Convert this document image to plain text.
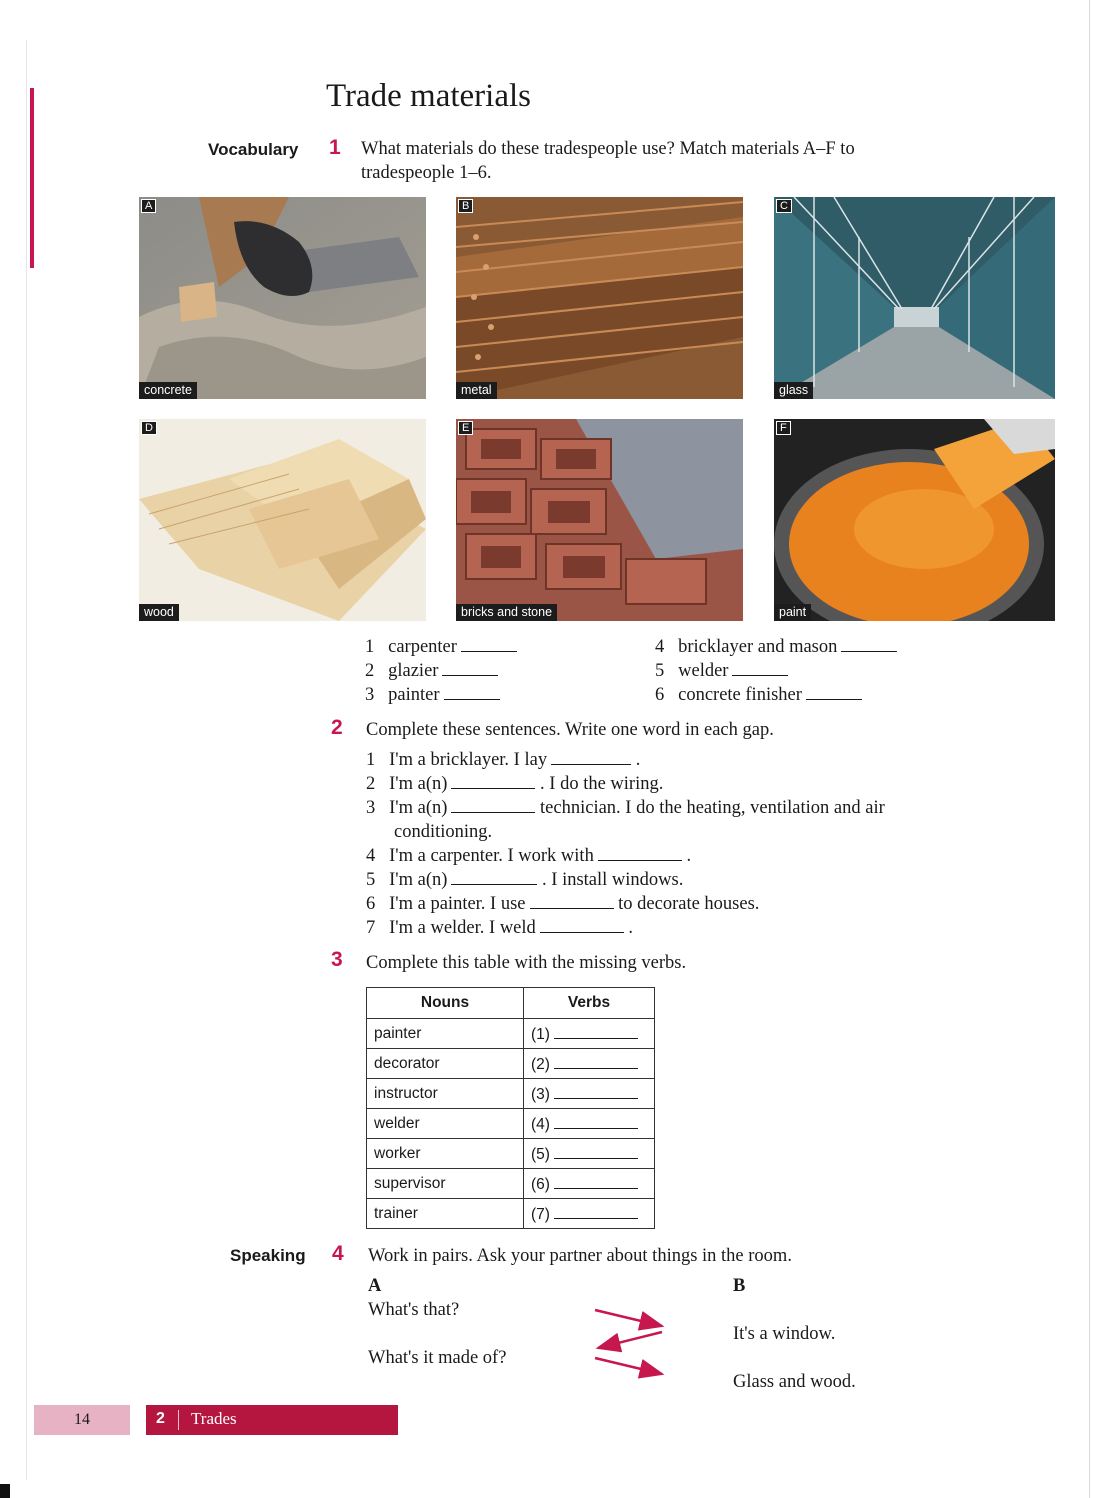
Trade materials
Vocabulary 1 What materials do these tradespeople use? Match materials A–F to
tradespeople 1–6.
concrete
A
metal
B
glass
C
wood
D
bricks and stone
E
paint
F
1 carpenter
2 glazier
3 painter
4 bricklayer and mason
5 welder
6 concrete finisher
2 Complete these sentences. Write one word in each gap.
1 I'm a bricklayer. I lay	.
2 I'm a(n)	. I do the wiring.
3 I'm a(n)	technician. I do the heating, ventilation and air
conditioning.
4 I'm a carpenter. I work with	.
5 I'm a(n)	. I install windows.
6 I'm a painter. I use	to decorate houses.
7 I'm a welder. I weld	.
3 Complete this table with the missing verbs.
Nouns	Verbs
painter	(1)
decorator	(2)
instructor	(3)
welder	(4)
worker	(5)
supervisor	(6)
trainer	(7)
Speaking 4 Work in pairs. Ask your partner about things in the room.
A	B
What's that?
What's it made of?
It's a window.
Glass and wood.
14	2 Trades
